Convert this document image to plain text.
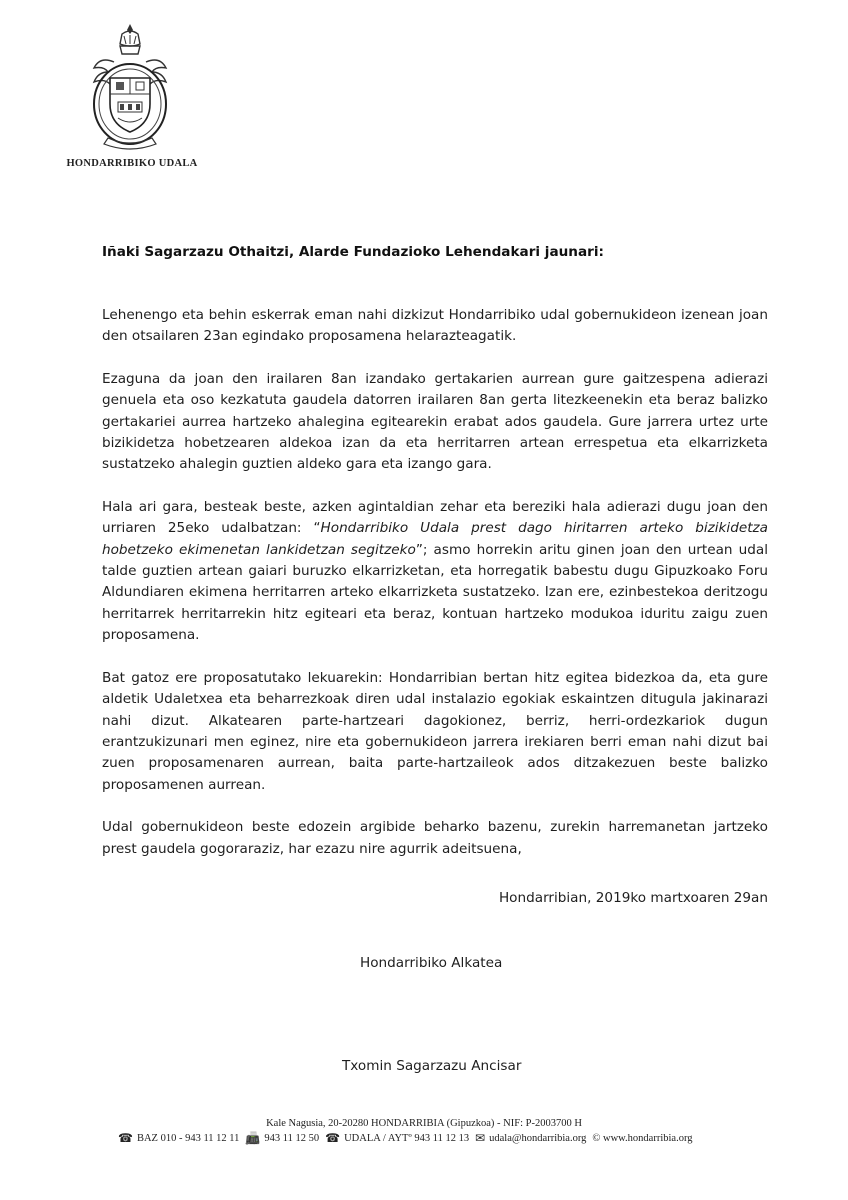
HONDARRIBIKO UDALA
Iñaki Sagarzazu Othaitzi, Alarde Fundazioko Lehendakari jaunari:

Lehenengo eta behin eskerrak eman nahi dizkizut Hondarribiko udal gobernukideon izenean joan den otsailaren 23an egindako proposamena helarazteagatik.

Ezaguna da joan den irailaren 8an izandako gertakarien aurrean gure gaitzespena adierazi genuela eta oso kezkatuta gaudela datorren irailaren 8an gerta litezkeenekin eta beraz balizko gertakariei aurrea hartzeko ahalegina egitearekin erabat ados gaudela. Gure jarrera urtez urte bizikidetza hobetzearen aldekoa izan da eta herritarren artean errespetua eta elkarrizketa sustatzeko ahalegin guztien aldeko gara eta izango gara.

Hala ari gara, besteak beste, azken agintaldian zehar eta bereziki hala adierazi dugu joan den urriaren 25eko udalbatzan: “Hondarribiko Udala prest dago hiritarren arteko bizikidetza hobetzeko ekimenetan lankidetzan segitzeko”; asmo horrekin aritu ginen joan den urtean udal talde guztien artean gaiari buruzko elkarrizketan, eta horregatik babestu dugu Gipuzkoako Foru Aldundiaren ekimena herritarren arteko elkarrizketa sustatzeko. Izan ere, ezinbestekoa deritzogu herritarrek herritarrekin hitz egiteari eta beraz, kontuan hartzeko modukoa iduritu zaigu zuen proposamena.

Bat gatoz ere proposatutako lekuarekin: Hondarribian bertan hitz egitea bidezkoa da, eta gure aldetik Udaletxea eta beharrezkoak diren udal instalazio egokiak eskaintzen ditugula jakinarazi nahi dizut. Alkatearen parte-hartzeari dagokionez, berriz, herri-ordezkariok dugun erantzukizunari men eginez, nire eta gobernukideon jarrera irekiaren berri eman nahi dizut bai zuen proposamenaren aurrean, baita parte-hartzaileok ados ditzakezuen beste balizko proposamenen aurrean.

Udal gobernukideon beste edozein argibide beharko bazenu, zurekin harremanetan jartzeko prest gaudela gogoraraziz, har ezazu nire agurrik adeitsuena,

Hondarribian, 2019ko martxoaren 29an
Hondarribiko Alkatea
Txomin Sagarzazu Ancisar
Kale Nagusia, 20-20280 HONDARRIBIA (Gipuzkoa) - NIF: P-2003700 H
☎ BAZ 010 - 943 11 12 11 📠 943 11 12 50 ☎ UDALA / AYTº 943 11 12 13 ✉ udala@hondarribia.org © www.hondarribia.org
